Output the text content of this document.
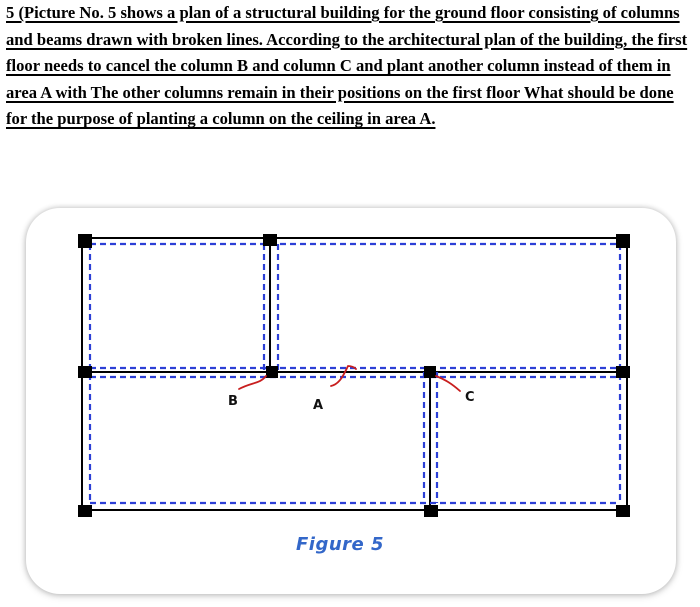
5 (Picture No. 5 shows a plan of a structural building for the ground floor consisting of columns and beams drawn with broken lines. According to the architectural plan of the building, the first floor needs to cancel the column B and column C and plant another column instead of them in area A with The other columns remain in their positions on the first floor What should be done for the purpose of planting a column on the ceiling in area A.

B	A
C
Figure 5
